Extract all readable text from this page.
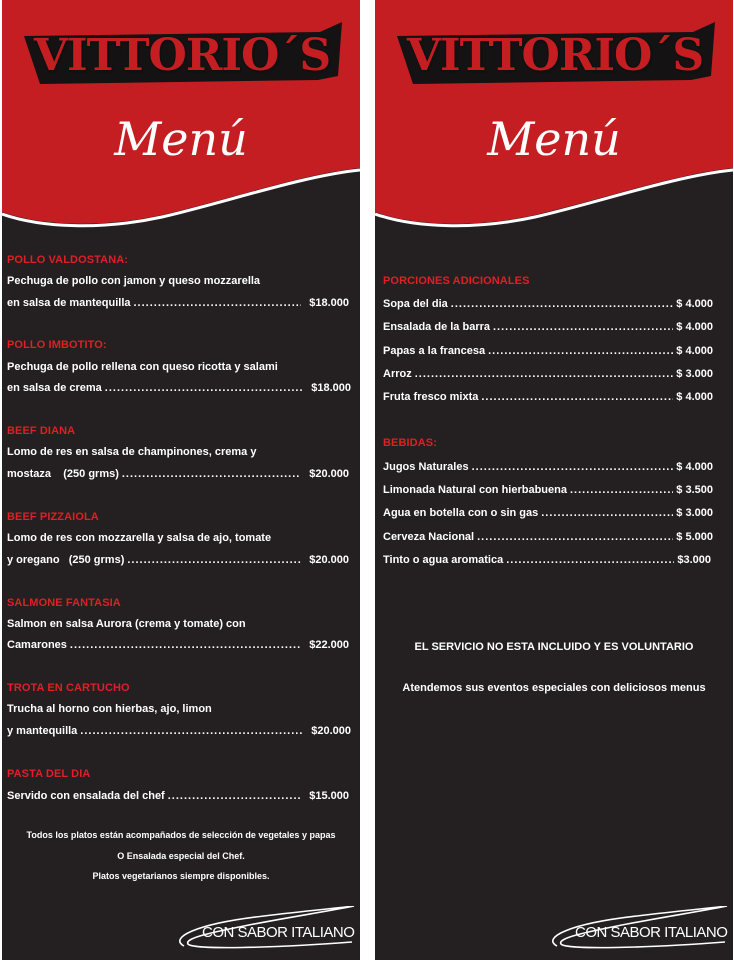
VITTORIO´S
Menú
POLLO VALDOSTANA:
Pechuga de pollo con jamon y queso mozzarella
en salsa de mantequilla .....	$18.000
POLLO IMBOTITO:
Pechuga de pollo rellena con queso ricotta y salami
en salsa de crema .....	$18.000
BEEF DIANA
Lomo de res en salsa de champinones, crema y
mostaza    (250 grms) .....	$20.000
BEEF PIZZAIOLA
Lomo de res con mozzarella y salsa de ajo, tomate
y oregano   (250 grms) .....	$20.000
SALMONE FANTASIA
Salmon en salsa Aurora (crema y tomate) con
Camarones .....	$22.000
TROTA EN CARTUCHO
Trucha al horno con hierbas, ajo, limon
y mantequilla .....	$20.000
PASTA DEL DIA
Servido con ensalada del chef .....	$15.000
Todos los platos están acompañados de selección de vegetales y papas
O Ensalada especial del Chef.
Platos vegetarianos siempre disponibles.
CON SABOR ITALIANO
VITTORIO´S
Menú
PORCIONES ADICIONALES
Sopa del dia .....	$ 4.000
Ensalada de la barra .....	$ 4.000
Papas a la francesa .....	$ 4.000
Arroz .....	$ 3.000
Fruta fresco mixta .....	$ 4.000
BEBIDAS:
Jugos Naturales .....	$ 4.000
Limonada Natural con hierbabuena .....	$ 3.500
Agua en botella con o sin gas .....	$ 3.000
Cerveza Nacional .....	$ 5.000
Tinto o agua aromatica .....	$3.000
EL SERVICIO NO ESTA INCLUIDO Y ES VOLUNTARIO
Atendemos sus eventos especiales con deliciosos menus
CON SABOR ITALIANO
